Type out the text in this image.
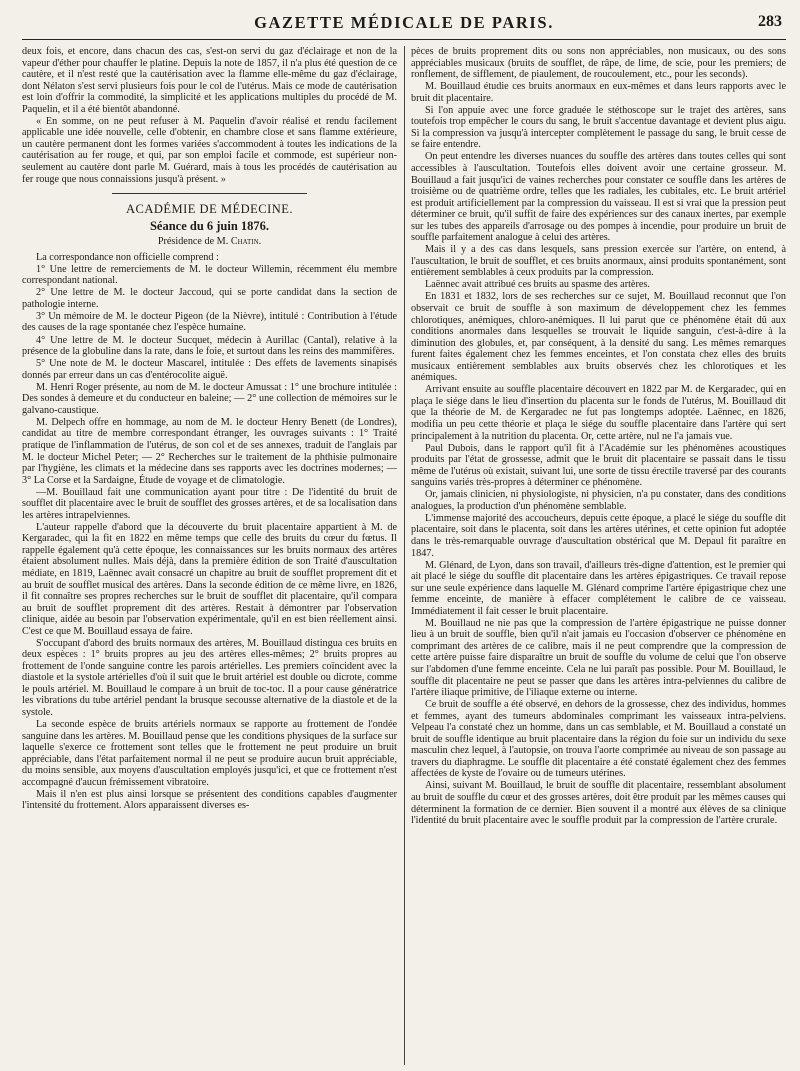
GAZETTE MÉDICALE DE PARIS.	283

deux fois, et encore, dans chacun des cas, s'est-on servi du gaz d'éclairage et non de la vapeur d'éther pour chauffer le platine. Depuis la note de 1857, il n'a plus été question de ce cautère, et il n'est resté que la cautérisation avec la flamme elle-même du gaz d'éclairage, dont Nélaton s'est servi plusieurs fois pour le col de l'utérus. Mais ce mode de cautérisation est loin d'offrir la commodité, la simplicité et les applications multiples du procédé de M. Paquelin, et il a été bientôt abandonné.

« En somme, on ne peut refuser à M. Paquelin d'avoir réalisé et rendu facilement applicable une idée nouvelle, celle d'obtenir, en chambre close et sans flamme extérieure, un cautère permanent dont les formes variées s'accommodent à toutes les indications de la cautérisation au fer rouge, et qui, par son emploi facile et commode, est supérieur non-seulement au cautère dont parle M. Guérard, mais à tous les procédés de cautérisation au fer rouge que nous connaissions jusqu'à présent. »

ACADÉMIE DE MÉDECINE.
Séance du 6 juin 1876.
Présidence de M. Chatin.

La correspondance non officielle comprend :

1° Une lettre de remerciements de M. le docteur Willemin, récemment élu membre correspondant national.

2° Une lettre de M. le docteur Jaccoud, qui se porte candidat dans la section de pathologie interne.

3° Un mémoire de M. le docteur Pigeon (de la Nièvre), intitulé : Contribution à l'étude des causes de la rage spontanée chez l'espèce humaine.

4° Une lettre de M. le docteur Sucquet, médecin à Aurillac (Cantal), relative à la présence de la globuline dans la rate, dans le foie, et surtout dans les reins des mammifères.

5° Une note de M. le docteur Mascarel, intitulée : Des effets de lavements sinapisés donnés par erreur dans un cas d'entérocolite aiguë.

M. Henri Roger présente, au nom de M. le docteur Amussat : 1° une brochure intitulée : Des sondes à demeure et du conducteur en baleine; — 2° une collection de mémoires sur le galvano-caustique.

M. Delpech offre en hommage, au nom de M. le docteur Henry Benett (de Londres), candidat au titre de membre correspondant étranger, les ouvrages suivants : 1° Traité pratique de l'inflammation de l'utérus, de son col et de ses annexes, traduit de l'anglais par M. le docteur Michel Peter; — 2° Recherches sur le traitement de la phthisie pulmonaire par l'hygiène, les climats et la médecine dans ses rapports avec les doctrines modernes; — 3° La Corse et la Sardaigne, Étude de voyage et de climatologie.

—M. Bouillaud fait une communication ayant pour titre : De l'identité du bruit de soufflet dit placentaire avec le bruit de soufflet des grosses artères, et de sa localisation dans les artères intrapelviennes.

L'auteur rappelle d'abord que la découverte du bruit placentaire appartient à M. de Kergaradec, qui la fit en 1822 en même temps que celle des bruits du cœur du fœtus. Il rappelle également qu'à cette époque, les connaissances sur les bruits normaux des artères étaient absolument nulles. Mais déjà, dans la première édition de son Traité d'auscultation médiate, en 1819, Laënnec avait consacré un chapitre au bruit de soufflet proprement dit et au bruit de soufflet musical des artères. Dans la seconde édition de ce même livre, en 1826, il fit connaître ses propres recherches sur le bruit de soufflet dit placentaire, qu'il compara au bruit de soufflet proprement dit des artères. Restait à démontrer par l'observation clinique, aidée au besoin par l'observation expérimentale, qu'il en est bien réellement ainsi. C'est ce que M. Bouillaud essaya de faire.

S'occupant d'abord des bruits normaux des artères, M. Bouillaud distingua ces bruits en deux espèces : 1° bruits propres au jeu des artères elles-mêmes; 2° bruits propres au frottement de l'onde sanguine contre les parois artérielles. Les premiers coïncident avec la diastole et la systole artérielles d'où il suit que le bruit artériel est double ou dicrote, comme le pouls artériel. M. Bouillaud le compare à un bruit de toc-toc. Il a pour cause génératrice les vibrations du tube artériel pendant la brusque secousse alternative de la diastole et de la systole.

La seconde espèce de bruits artériels normaux se rapporte au frottement de l'ondée sanguine dans les artères. M. Bouillaud pense que les conditions physiques de la surface sur laquelle s'exerce ce frottement sont telles que le frottement ne peut produire un bruit appréciable, dans l'état parfaitement normal il ne peut se produire aucun bruit appréciable, du moins sensible, aux moyens d'auscultation employés jusqu'ici, et que ce frottement n'est accompagné d'aucun frémissement vibratoire.

Mais il n'en est plus ainsi lorsque se présentent des conditions capables d'augmenter l'intensité du frottement. Alors apparaissent diverses es-

pèces de bruits proprement dits ou sons non appréciables, non musicaux, ou des sons appréciables musicaux (bruits de soufflet, de râpe, de lime, de scie, pour les premiers; de ronflement, de sifflement, de piaulement, de roucoulement, etc., pour les seconds).

M. Bouillaud étudie ces bruits anormaux en eux-mêmes et dans leurs rapports avec le bruit dit placentaire.

Si l'on appuie avec une force graduée le stéthoscope sur le trajet des artères, sans toutefois trop empêcher le cours du sang, le bruit s'accentue davantage et devient plus aigu. Si la compression va jusqu'à intercepter complètement le passage du sang, le bruit cesse de se faire entendre.

On peut entendre les diverses nuances du souffle des artères dans toutes celles qui sont accessibles à l'auscultation. Toutefois elles doivent avoir une certaine grosseur. M. Bouillaud a fait jusqu'ici de vaines recherches pour constater ce souffle dans les artères de troisième ou de quatrième ordre, telles que les radiales, les cubitales, etc. Le bruit artériel est produit artificiellement par la compression du vaisseau. Il est si vrai que la pression peut déterminer ce bruit, qu'il suffit de faire des expériences sur des canaux inertes, par exemple sur les tubes des appareils d'arrosage ou des pompes à incendie, pour produire un bruit de souffle parfaitement analogue à celui des artères.

Mais il y a des cas dans lesquels, sans pression exercée sur l'artère, on entend, à l'auscultation, le bruit de soufflet, et ces bruits anormaux, ainsi produits spontanément, sont entièrement semblables à ceux produits par la compression.

Laënnec avait attribué ces bruits au spasme des artères.

En 1831 et 1832, lors de ses recherches sur ce sujet, M. Bouillaud reconnut que l'on observait ce bruit de souffle à son maximum de développement chez les femmes chlorotiques, anémiques, chloro-anémiques. Il lui parut que ce phénomène était dû aux conditions anormales dans lesquelles se trouvait le liquide sanguin, c'est-à-dire à la diminution des globules, et, par conséquent, à la densité du sang. Les mêmes remarques furent faites également chez les femmes enceintes, et l'on constata chez elles des bruits musicaux entièrement semblables aux bruits observés chez les chlorotiques et les anémiques.

Arrivant ensuite au souffle placentaire découvert en 1822 par M. de Kergaradec, qui en plaça le siége dans le lieu d'insertion du placenta sur le fonds de l'utérus, M. Bouillaud dit que la théorie de M. de Kergaradec ne fut pas longtemps adoptée. Laënnec, en 1826, modifia un peu cette théorie et plaça le siége du souffle placentaire dans l'artère qui sert principalement à la nutrition du placenta. Or, cette artère, nul ne l'a jamais vue.

Paul Dubois, dans le rapport qu'il fit à l'Académie sur les phénomènes acoustiques produits par l'état de grossesse, admit que le bruit dit placentaire se passait dans le tissu même de l'utérus où existait, suivant lui, une sorte de tissu érectile traversé par des courants sanguins variés très-propres à déterminer ce phénomène.

Or, jamais clinicien, ni physiologiste, ni physicien, n'a pu constater, dans des conditions analogues, la production d'un phénomène semblable.

L'immense majorité des accoucheurs, depuis cette époque, a placé le siége du souffle dit placentaire, soit dans le placenta, soit dans les artères utérines, et cette opinion fut adoptée dans le très-remarquable ouvrage d'auscultation obstérical que M. Depaul fit paraître en 1847.

M. Glénard, de Lyon, dans son travail, d'ailleurs très-digne d'attention, est le premier qui ait placé le siége du souffle dit placentaire dans les artères épigastriques. Ce travail repose sur une seule expérience dans laquelle M. Glénard comprime l'artère épigastrique chez une femme enceinte, de manière à effacer complétement le calibre de ce vaisseau. Immédiatement il fait cesser le bruit placentaire.

M. Bouillaud ne nie pas que la compression de l'artère épigastrique ne puisse donner lieu à un bruit de souffle, bien qu'il n'ait jamais eu l'occasion d'observer ce phénomène en comprimant des artères de ce calibre, mais il ne peut comprendre que la compression de cette artère puisse faire disparaître un bruit de souffle du volume de celui que l'on observe sur l'abdomen d'une femme enceinte. Cela ne lui paraît pas possible. Pour M. Bouillaud, le souffle dit placentaire ne peut se passer que dans les artères intra-pelviennes du calibre de l'artère iliaque primitive, de l'iliaque externe ou interne.

Ce bruit de souffle a été observé, en dehors de la grossesse, chez des individus, hommes et femmes, ayant des tumeurs abdominales comprimant les vaisseaux intra-pelviens. Velpeau l'a constaté chez un homme, dans un cas semblable, et M. Bouillaud a constaté un bruit de souffle identique au bruit placentaire dans la région du foie sur un individu du sexe masculin chez lequel, à l'autopsie, on trouva l'aorte comprimée au niveau de son passage au travers du diaphragme. Le souffle dit placentaire a été constaté également chez des femmes affectées de kyste de l'ovaire ou de tumeurs utérines.

Ainsi, suivant M. Bouillaud, le bruit de souffle dit placentaire, ressemblant absolument au bruit de souffle du cœur et des grosses artères, doit être produit par les mêmes causes qui déterminent la formation de ce dernier. Bien souvent il a montré aux élèves de sa clinique l'identité du bruit placentaire avec le souffle produit par la compression de l'artère crurale.
